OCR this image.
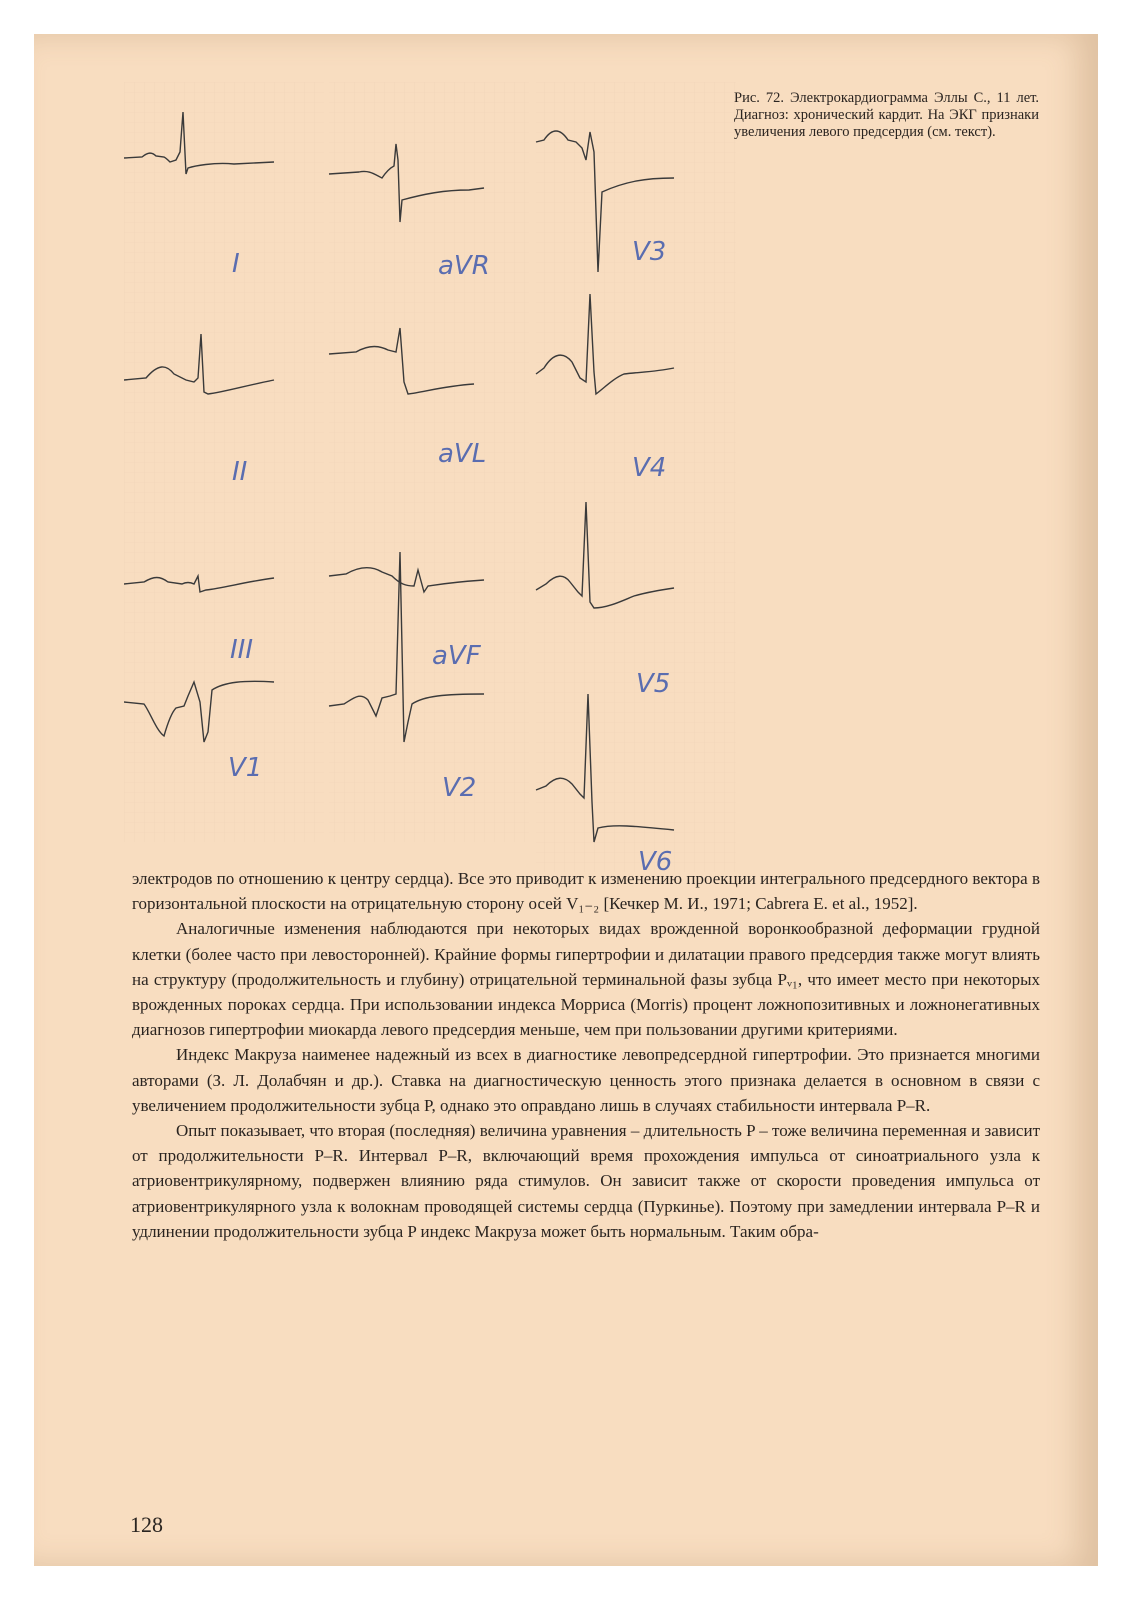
I	aVR	V3
II
aVL	V4
III	aVF
V5
V1
V2
V6
Рис. 72. Электрокардиограмма Эллы С., 11 лет. Диагноз: хронический кардит. На ЭКГ признаки увеличения левого предсердия (см. текст).

электродов по отношению к центру сердца). Все это приводит к изменению проекции интегрального предсердного вектора в горизонтальной плоскости на отрицательную сторону осей V₁₋₂ [Кечкер М. И., 1971; Cabrera E. et al., 1952].

Аналогичные изменения наблюдаются при некоторых видах врожденной воронкообразной деформации грудной клетки (более часто при левосторонней). Крайние формы гипертрофии и дилатации правого предсердия также могут влиять на структуру (продолжительность и глубину) отрицательной терминальной фазы зубца Pᵥ₁, что имеет место при некоторых врожденных пороках сердца. При использовании индекса Морриса (Morris) процент ложнопозитивных и ложнонегативных диагнозов гипертрофии миокарда левого предсердия меньше, чем при пользовании другими критериями.

Индекс Макруза наименее надежный из всех в диагностике левопредсердной гипертрофии. Это признается многими авторами (З. Л. Долабчян и др.). Ставка на диагностическую ценность этого признака делается в основном в связи с увеличением продолжительности зубца P, однако это оправдано лишь в случаях стабильности интервала P–R.

Опыт показывает, что вторая (последняя) величина уравнения – длительность P – тоже величина переменная и зависит от продолжительности P–R. Интервал P–R, включающий время прохождения импульса от синоатриального узла к атриовентрикулярному, подвержен влиянию ряда стимулов. Он зависит также от скорости проведения импульса от атриовентрикулярного узла к волокнам проводящей системы сердца (Пуркинье). Поэтому при замедлении интервала P–R и удлинении продолжительности зубца P индекс Макруза может быть нормальным. Таким обра-

128
